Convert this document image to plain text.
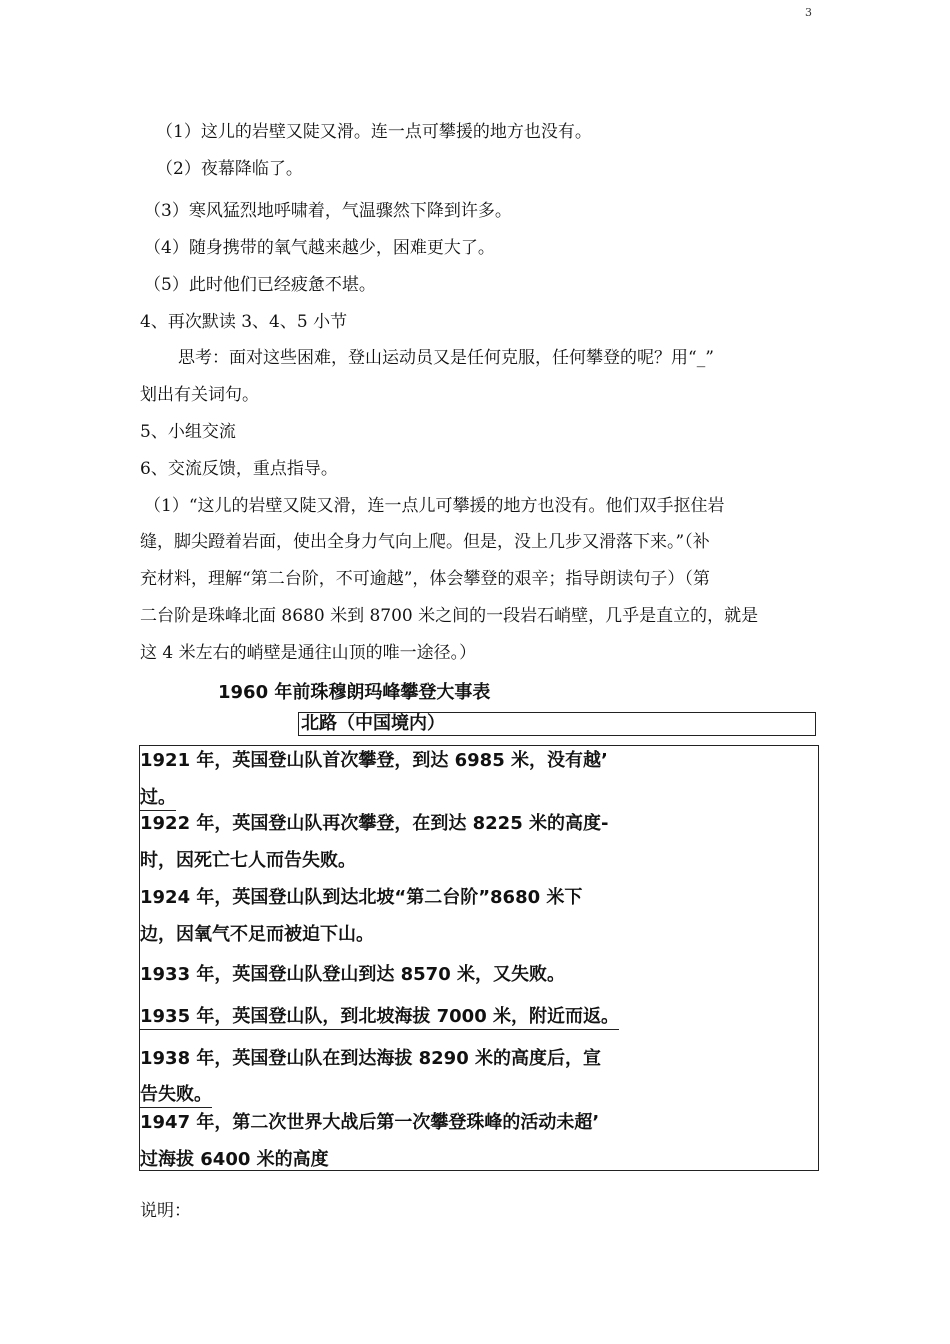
3
（1）这儿的岩壁又陡又滑。连一点可攀援的地方也没有。
（2）夜幕降临了。
（3）寒风猛烈地呼啸着，气温骤然下降到许多。
（4）随身携带的氧气越来越少，困难更大了。
（5）此时他们已经疲惫不堪。
4、再次默读 3、4、5 小节
思考：面对这些困难，登山运动员又是任何克服，任何攀登的呢？用“_”
划出有关词句。
5、小组交流
6、交流反馈，重点指导。
（1）“这儿的岩壁又陡又滑，连一点儿可攀援的地方也没有。他们双手抠住岩
缝，脚尖蹬着岩面，使出全身力气向上爬。但是，没上几步又滑落下来。”（补
充材料，理解“第二台阶，不可逾越”，体会攀登的艰辛；指导朗读句子）（第
二台阶是珠峰北面 8680 米到 8700 米之间的一段岩石峭壁，几乎是直立的，就是
这 4 米左右的峭壁是通往山顶的唯一途径。）
1960 年前珠穆朗玛峰攀登大事表
北路（中国境内）
1921 年，英国登山队首次攀登，到达 6985 米，没有越’
过。
1922 年，英国登山队再次攀登，在到达 8225 米的高度-
时，因死亡七人而告失败。
1924 年，英国登山队到达北坡“第二台阶”8680 米下
边，因氧气不足而被迫下山。
1933 年，英国登山队登山到达 8570 米，又失败。
1935 年，英国登山队，到北坡海拔 7000 米，附近而返。
1938 年，英国登山队在到达海拔 8290 米的高度后，宣
告失败。
1947 年，第二次世界大战后第一次攀登珠峰的活动未超’
过海拔 6400 米的高度
说明：
